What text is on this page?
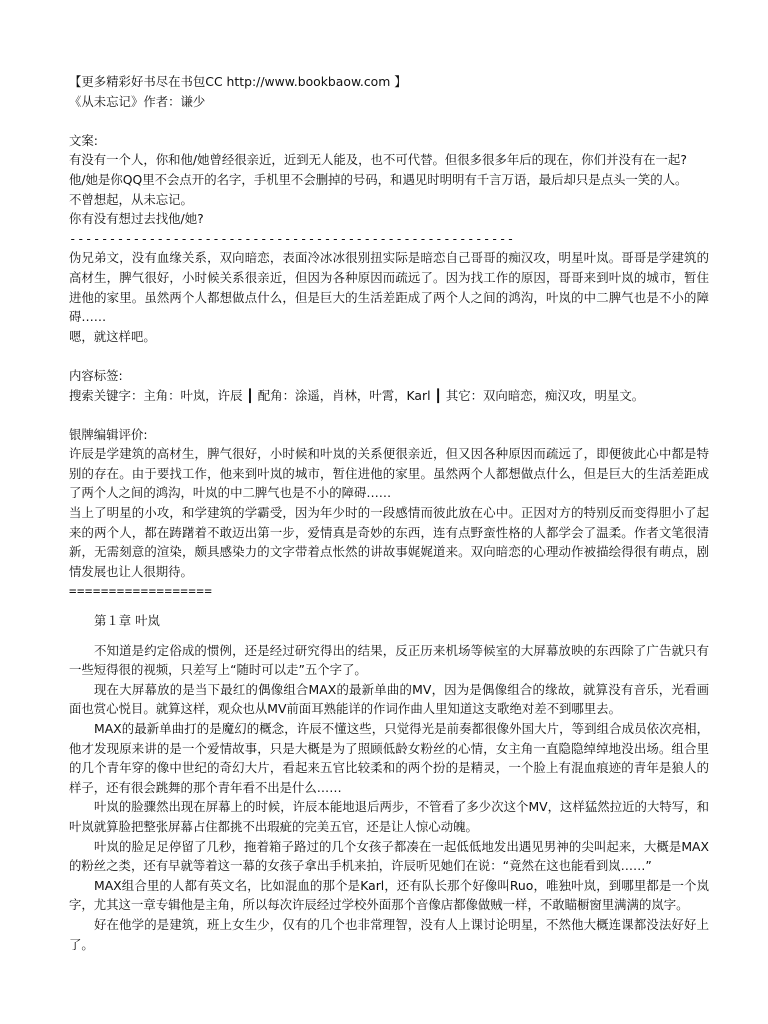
【更多精彩好书尽在书包CC http://www.bookbaow.com 】
《从未忘记》作者：谦少
文案:
有没有一个人，你和他/她曾经很亲近，近到无人能及，也不可代替。但很多很多年后的现在，你们并没有在一起?
他/她是你QQ里不会点开的名字，手机里不会删掉的号码，和遇见时明明有千言万语，最后却只是点头一笑的人。
不曾想起，从未忘记。
你有没有想过去找他/她?
--------------------------------------------------------

伪兄弟文，没有血缘关系，双向暗恋，表面冷冰冰很别扭实际是暗恋自己哥哥的痴汉攻，明星叶岚。哥哥是学建筑的高材生，脾气很好，小时候关系很亲近，但因为各种原因而疏远了。因为找工作的原因，哥哥来到叶岚的城市，暂住进他的家里。虽然两个人都想做点什么，但是巨大的生活差距成了两个人之间的鸿沟，叶岚的中二脾气也是不小的障碍……

嗯，就这样吧。
内容标签:
搜索关键字：主角：叶岚，许辰 ┃ 配角：涂遥，肖林，叶霄，Karl ┃ 其它：双向暗恋，痴汉攻，明星文。
银牌编辑评价:

许辰是学建筑的高材生，脾气很好，小时候和叶岚的关系便很亲近，但又因各种原因而疏远了，即便彼此心中都是特别的存在。由于要找工作，他来到叶岚的城市，暂住进他的家里。虽然两个人都想做点什么，但是巨大的生活差距成了两个人之间的鸿沟，叶岚的中二脾气也是不小的障碍……

当上了明星的小攻，和学建筑的学霸受，因为年少时的一段感情而彼此放在心中。正因对方的特别反而变得胆小了起来的两个人，都在踌躇着不敢迈出第一步，爱情真是奇妙的东西，连有点野蛮性格的人都学会了温柔。作者文笔很清新，无需刻意的渲染，颇具感染力的文字带着点怅然的讲故事娓娓道来。双向暗恋的心理动作被描绘得很有萌点，剧情发展也让人很期待。

==================
第１章 叶岚

不知道是约定俗成的惯例，还是经过研究得出的结果，反正历来机场等候室的大屏幕放映的东西除了广告就只有一些短得很的视频，只差写上“随时可以走”五个字了。

现在大屏幕放的是当下最红的偶像组合MAX的最新单曲的MV，因为是偶像组合的缘故，就算没有音乐，光看画面也赏心悦目。就算这样，观众也从MV前面耳熟能详的作词作曲人里知道这支歌绝对差不到哪里去。

MAX的最新单曲打的是魔幻的概念，许辰不懂这些，只觉得光是前奏都很像外国大片，等到组合成员依次亮相，他才发现原来讲的是一个爱情故事，只是大概是为了照顾低龄女粉丝的心情，女主角一直隐隐绰绰地没出场。组合里的几个青年穿的像中世纪的奇幻大片，看起来五官比较柔和的两个扮的是精灵，一个脸上有混血痕迹的青年是狼人的样子，还有很会跳舞的那个青年看不出是什么……

叶岚的脸骤然出现在屏幕上的时候，许辰本能地退后两步，不管看了多少次这个MV，这样猛然拉近的大特写，和叶岚就算脸把整张屏幕占住都挑不出瑕疵的完美五官，还是让人惊心动魄。

叶岚的脸足足停留了几秒，拖着箱子路过的几个女孩子都凑在一起低低地发出遇见男神的尖叫起来，大概是MAX的粉丝之类，还有早就等着这一幕的女孩子拿出手机来拍，许辰听见她们在说：“竟然在这也能看到岚……”

MAX组合里的人都有英文名，比如混血的那个是Karl，还有队长那个好像叫Ruo，唯独叶岚，到哪里都是一个岚字，尤其这一章专辑他是主角，所以每次许辰经过学校外面那个音像店都像做贼一样，不敢瞄橱窗里满满的岚字。

好在他学的是建筑，班上女生少，仅有的几个也非常理智，没有人上课讨论明星，不然他大概连课都没法好好上了。
